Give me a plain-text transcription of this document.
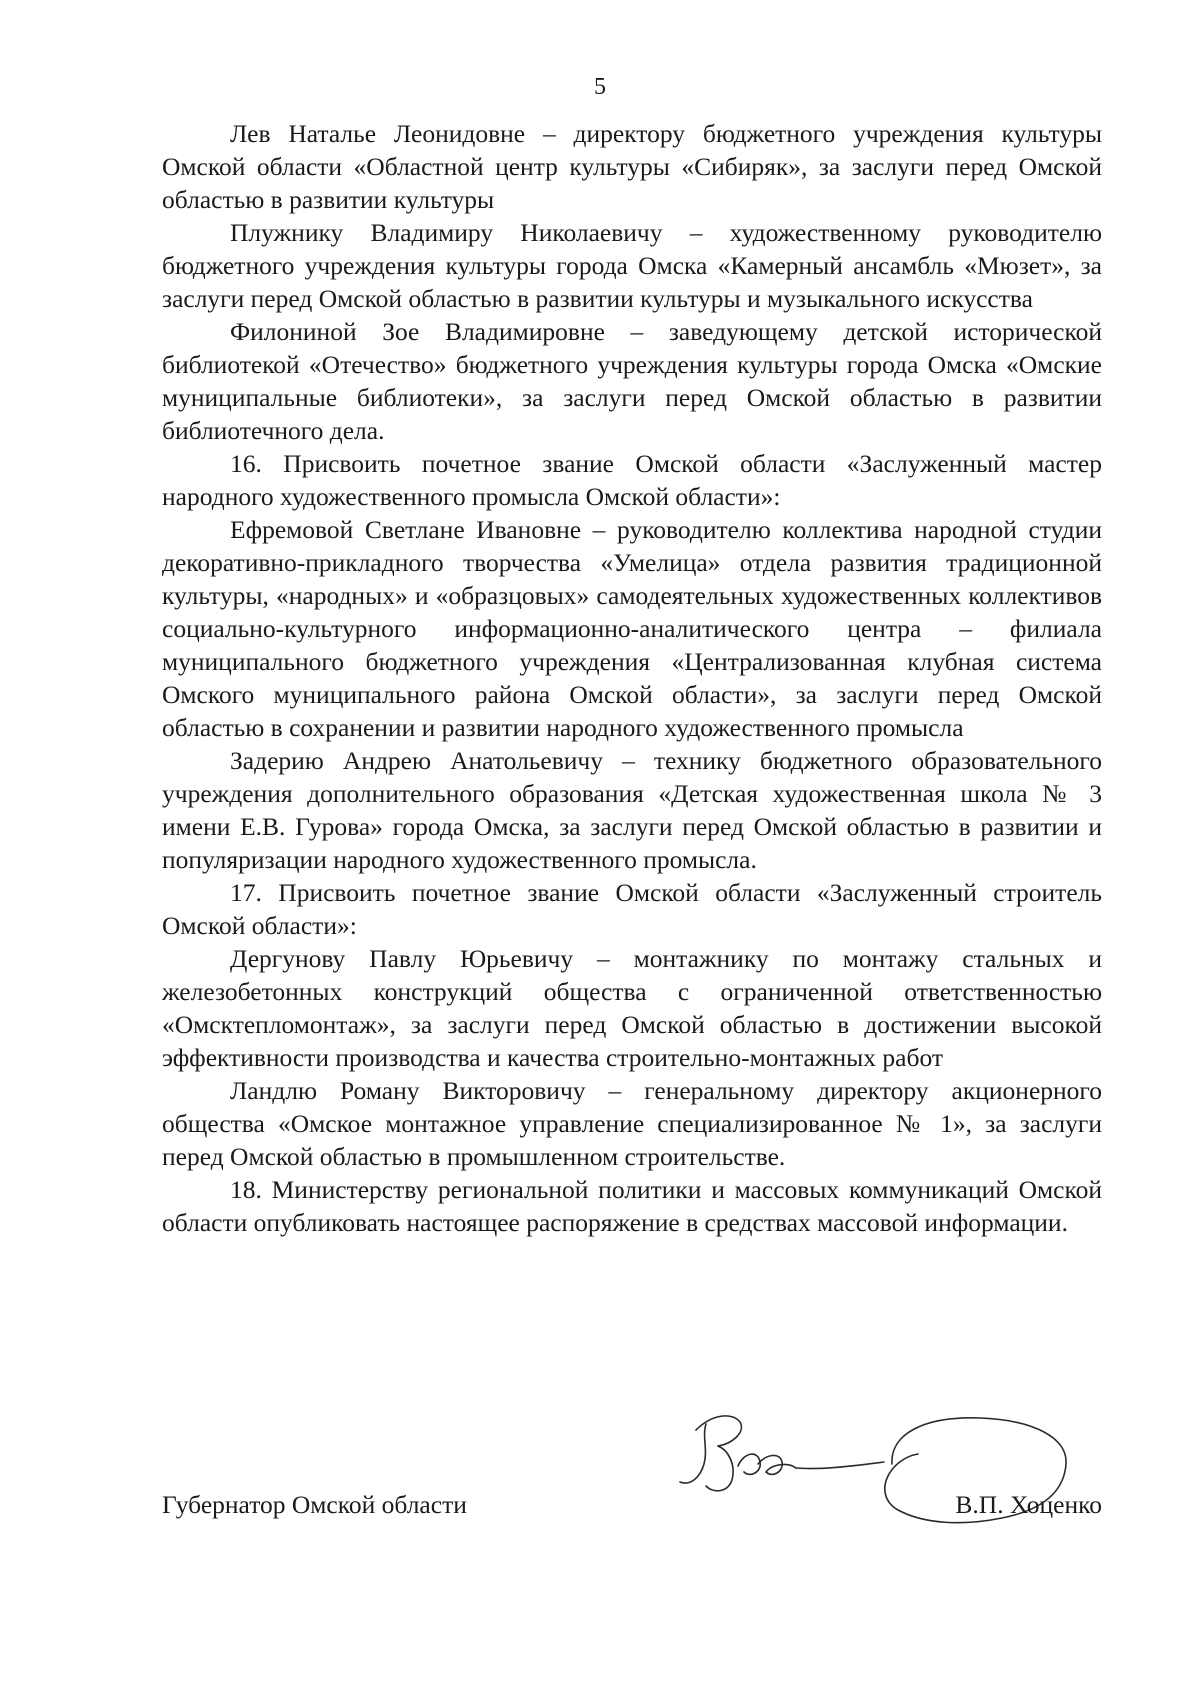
5

Лев Наталье Леонидовне – директору бюджетного учреждения культуры Омской области «Областной центр культуры «Сибиряк», за заслуги перед Омской областью в развитии культуры

Плужнику Владимиру Николаевичу – художественному руководителю бюджетного учреждения культуры города Омска «Камерный ансамбль «Мюзет», за заслуги перед Омской областью в развитии культуры и музыкального искусства

Филониной Зое Владимировне – заведующему детской исторической библиотекой «Отечество» бюджетного учреждения культуры города Омска «Омские муниципальные библиотеки», за заслуги перед Омской областью в развитии библиотечного дела.

16. Присвоить почетное звание Омской области «Заслуженный мастер народного художественного промысла Омской области»:

Ефремовой Светлане Ивановне – руководителю коллектива народной студии декоративно-прикладного творчества «Умелица» отдела развития традиционной культуры, «народных» и «образцовых» самодеятельных художественных коллективов социально-культурного информационно-аналитического центра – филиала муниципального бюджетного учреждения «Централизованная клубная система Омского муниципального района Омской области», за заслуги перед Омской областью в сохранении и развитии народного художественного промысла

Задерию Андрею Анатольевичу – технику бюджетного образовательного учреждения дополнительного образования «Детская художественная школа № 3 имени Е.В. Гурова» города Омска, за заслуги перед Омской областью в развитии и популяризации народного художественного промысла.

17. Присвоить почетное звание Омской области «Заслуженный строитель Омской области»:

Дергунову Павлу Юрьевичу – монтажнику по монтажу стальных и железобетонных конструкций общества с ограниченной ответственностью «Омсктепломонтаж», за заслуги перед Омской областью в достижении высокой эффективности производства и качества строительно-монтажных работ

Ландлю Роману Викторовичу – генеральному директору акционерного общества «Омское монтажное управление специализированное № 1», за заслуги перед Омской областью в промышленном строительстве.

18. Министерству региональной политики и массовых коммуникаций Омской области опубликовать настоящее распоряжение в средствах массовой информации.

Губернатор Омской области	В.П. Хоценко
